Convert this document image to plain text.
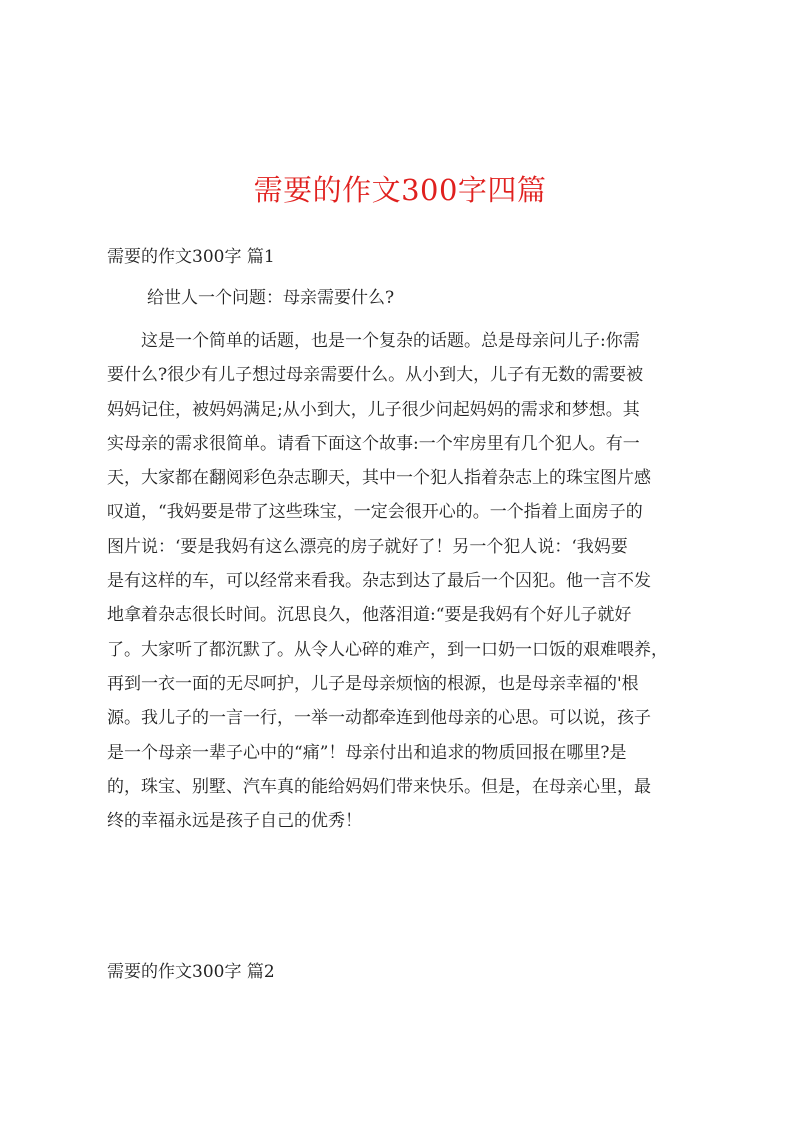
需要的作文300字四篇
需要的作文300字 篇1

给世人一个问题：母亲需要什么?

　　这是一个简单的话题，也是一个复杂的话题。总是母亲问儿子:你需
要什么?很少有儿子想过母亲需要什么。从小到大，儿子有无数的需要被
妈妈记住，被妈妈满足;从小到大，儿子很少问起妈妈的需求和梦想。其
实母亲的需求很简单。请看下面这个故事:一个牢房里有几个犯人。有一
天，大家都在翻阅彩色杂志聊天，其中一个犯人指着杂志上的珠宝图片感
叹道，“我妈要是带了这些珠宝，一定会很开心的。一个指着上面房子的
图片说：‘要是我妈有这么漂亮的房子就好了！另一个犯人说：‘我妈要
是有这样的车，可以经常来看我。杂志到达了最后一个囚犯。他一言不发
地拿着杂志很长时间。沉思良久，他落泪道:“要是我妈有个好儿子就好
了。大家听了都沉默了。从令人心碎的难产，到一口奶一口饭的艰难喂养，
再到一衣一面的无尽呵护，儿子是母亲烦恼的根源，也是母亲幸福的'根
源。我儿子的一言一行，一举一动都牵连到他母亲的心思。可以说，孩子
是一个母亲一辈子心中的“痛”！母亲付出和追求的物质回报在哪里?是
的，珠宝、别墅、汽车真的能给妈妈们带来快乐。但是，在母亲心里，最
终的幸福永远是孩子自己的优秀！
需要的作文300字 篇2
